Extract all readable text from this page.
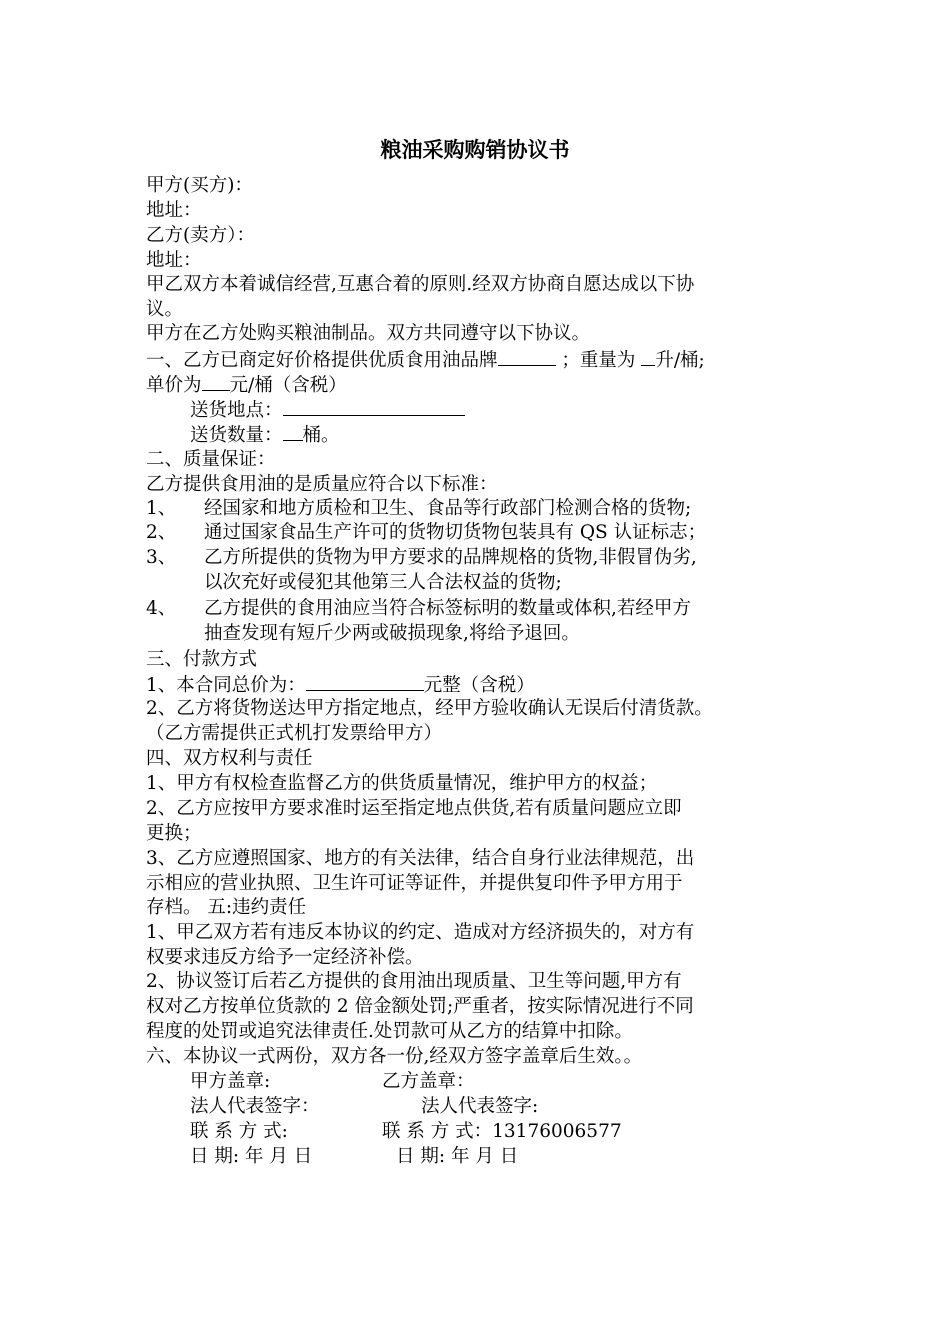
粮油采购购销协议书
甲方(买方)：
地址：
乙方(卖方）：
地址：
甲乙双方本着诚信经营,互惠合着的原则.经双方协商自愿达成以下协
议。
甲方在乙方处购买粮油制品。双方共同遵守以下协议。
一、乙方已商定好价格提供优质食用油品牌	；重量为 升/桶;
单价为 元/桶（含税）
送货地点：
送货数量： 桶。
二、质量保证：
乙方提供食用油的是质量应符合以下标准：
1、 经国家和地方质检和卫生、食品等行政部门检测合格的货物;
2、 通过国家食品生产许可的货物切货物包装具有 QS 认证标志；
3、 乙方所提供的货物为甲方要求的品牌规格的货物,非假冒伪劣,
以次充好或侵犯其他第三人合法权益的货物;
4、 乙方提供的食用油应当符合标签标明的数量或体积,若经甲方
抽查发现有短斤少两或破损现象,将给予退回。
三、付款方式
1、本合同总价为：	元整（含税）
2、乙方将货物送达甲方指定地点，经甲方验收确认无误后付清货款。
（乙方需提供正式机打发票给甲方）
四、双方权利与责任
1、甲方有权检查监督乙方的供货质量情况，维护甲方的权益；
2、乙方应按甲方要求准时运至指定地点供货,若有质量问题应立即
更换；
3、乙方应遵照国家、地方的有关法律，结合自身行业法律规范，出
示相应的营业执照、卫生许可证等证件，并提供复印件予甲方用于
存档。 五:违约责任
1、甲乙双方若有违反本协议的约定、造成对方经济损失的，对方有
权要求违反方给予一定经济补偿。
2、协议签订后若乙方提供的食用油出现质量、卫生等问题,甲方有
权对乙方按单位货款的 2 倍金额处罚;严重者，按实际情况进行不同
程度的处罚或追究法律责任.处罚款可从乙方的结算中扣除。
六、本协议一式两份，双方各一份,经双方签字盖章后生效。。
甲方盖章:	乙方盖章：
法人代表签字：	法人代表签字:
联 系 方 式:	联 系 方 式：13176006577
日 期: 年 月 日	日 期: 年 月 日
